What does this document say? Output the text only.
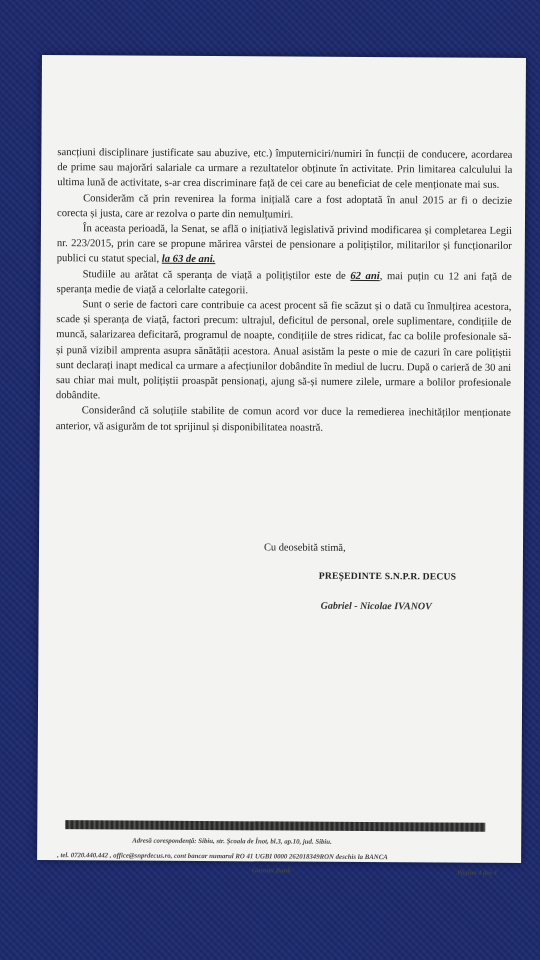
sancțiuni disciplinare justificate sau abuzive, etc.) împuterniciri/numiri în funcții de conducere, acordarea de prime sau majorări salariale ca urmare a rezultatelor obținute în activitate. Prin limitarea calculului la ultima lună de activitate, s-ar crea discriminare față de cei care au beneficiat de cele menționate mai sus.

Considerăm că prin revenirea la forma inițială care a fost adoptată în anul 2015 ar fi o decizie corecta și justa, care ar rezolva o parte din nemulțumiri.

În aceasta perioadă, la Senat, se află o inițiativă legislativă privind modificarea și completarea Legii nr. 223/2015, prin care se propune mărirea vârstei de pensionare a polițiștilor, militarilor și funcționarilor publici cu statut special, la 63 de ani.

Studiile au arătat că speranța de viață a polițiștilor este de 62 ani, mai puțin cu 12 ani față de speranța medie de viață a celorlalte categorii.

Sunt o serie de factori care contribuie ca acest procent să fie scăzut și o dată cu înmulțirea acestora, scade și speranța de viață, factori precum: ultrajul, deficitul de personal, orele suplimentare, condițiile de muncă, salarizarea deficitară, programul de noapte, condițiile de stres ridicat, fac ca bolile profesionale să-și pună vizibil amprenta asupra sănătății acestora. Anual asistăm la peste o mie de cazuri în care polițiștii sunt declarați inapt medical ca urmare a afecțiunilor dobândite în mediul de lucru. După o carieră de 30 ani sau chiar mai mult, polițiștii proaspăt pensionați, ajung să-și numere zilele, urmare a bolilor profesionale dobândite.

Considerând că soluțiile stabilite de comun acord vor duce la remedierea inechităților menționate anterior, vă asigurăm de tot sprijinul și disponibilitatea noastră.

Cu deosebită stimă,
PREȘEDINTE S.N.P.R. DECUS
Gabriel - Nicolae IVANOV
Adresă corespondență: Sibiu, str. Școala de Înot, bl.3, ap.10, jud. Sibiu.
, tel. 0720.440.442 , office@snprdecus.ro, cont bancar numarul RO 41 UGBI 0000 262018349RON deschis la BANCA
Garanti Bank	Pagina 4 din 4
